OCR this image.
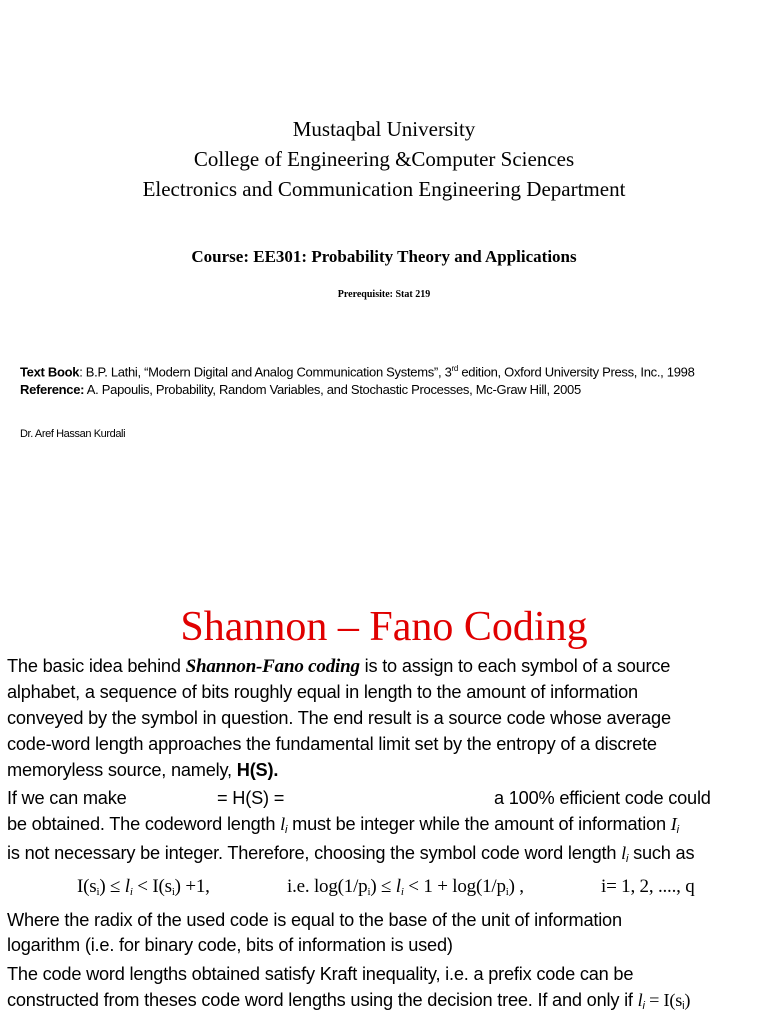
Mustaqbal University
College of Engineering &Computer Sciences
Electronics and Communication Engineering Department
Course: EE301: Probability Theory and Applications
Prerequisite: Stat 219
Text Book: B.P. Lathi, “Modern Digital and Analog Communication Systems”, 3rd edition, Oxford University Press, Inc., 1998
Reference: A. Papoulis, Probability, Random Variables, and Stochastic Processes, Mc-Graw Hill, 2005
Dr. Aref Hassan Kurdali
Shannon – Fano Coding
The basic idea behind Shannon-Fano coding is to assign to each symbol of a source
alphabet, a sequence of bits roughly equal in length to the amount of information
conveyed by the symbol in question. The end result is a source code whose average
code-word length approaches the fundamental limit set by the entropy of a discrete
memoryless source, namely, H(S).
If we can make	= H(S) =	a 100% efficient code could
be obtained. The codeword length $l_i$ must be integer while the amount of information $I_i$
is not necessary be integer. Therefore, choosing the symbol code word length $l_i$ such as
$I(s_i) \le l_i < I(s_i) +1$,	i.e. $\log(1/p_i) \le l_i < 1 + \log(1/p_i)$ ,	i= 1, 2, ...., q
Where the radix of the used code is equal to the base of the unit of information
logarithm (i.e. for binary code, bits of information is used)
The code word lengths obtained satisfy Kraft inequality, i.e. a prefix code can be
constructed from theses code word lengths using the decision tree. If and only if $l_i = I(s_i)$
